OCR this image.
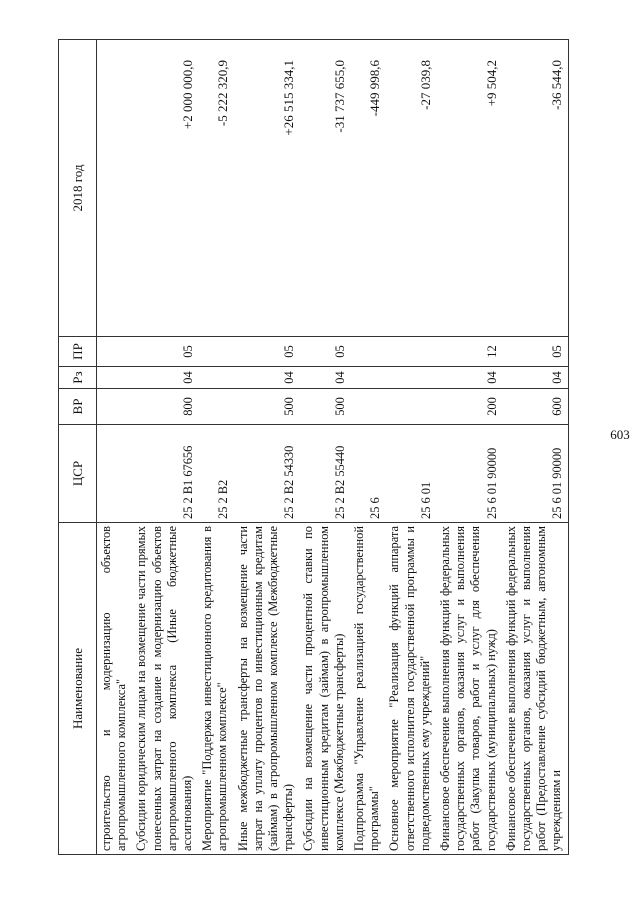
603
Наименование	ЦСР	ВР	Рз	ПР	2018 год
строительство и модернизацию объектов агропромышленного комплекса"					
Субсидии юридическим лицам на возмещение части прямых понесенных затрат на создание и модернизацию объектов агропромышленного комплекса (Иные бюджетные ассигнования)	25 2 B1 67656	800	04	05	+2 000 000,0
Мероприятие "Поддержка инвестиционного кредитования в агропромышленном комплексе"	25 2 B2				-5 222 320,9
Иные межбюджетные трансферты на возмещение части затрат на уплату процентов по инвестиционным кредитам (займам) в агропромышленном комплексе (Межбюджетные трансферты)	25 2 B2 54330	500	04	05	+26 515 334,1
Субсидии на возмещение части процентной ставки по инвестиционным кредитам (займам) в агропромышленном комплексе (Межбюджетные трансферты)	25 2 B2 55440	500	04	05	-31 737 655,0
Подпрограмма "Управление реализацией государственной программы"	25 6				-449 998,6
Основное мероприятие "Реализация функций аппарата ответственного исполнителя государственной программы и подведомственных ему учреждений"	25 6 01				-27 039,8
Финансовое обеспечение выполнения функций федеральных государственных органов, оказания услуг и выполнения работ (Закупка товаров, работ и услуг для обеспечения государственных (муниципальных) нужд)	25 6 01 90000	200	04	12	+9 504,2
Финансовое обеспечение выполнения функций федеральных государственных органов, оказания услуг и выполнения работ (Предоставление субсидий бюджетным, автономным учреждениям и	25 6 01 90000	600	04	05	-36 544,0
